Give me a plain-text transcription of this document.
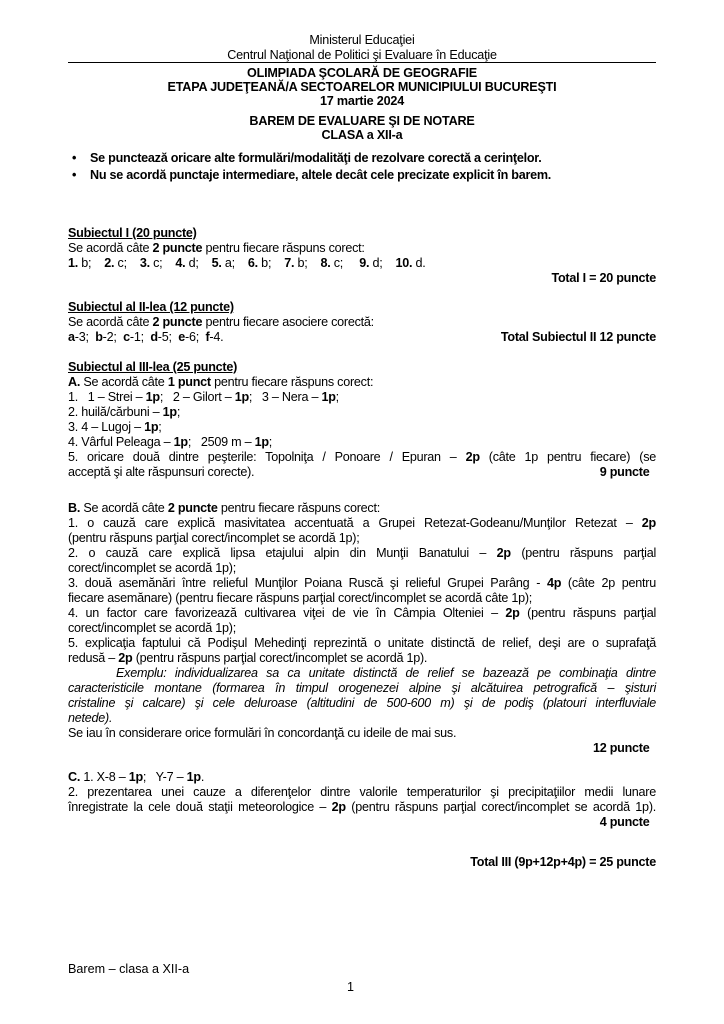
Ministerul Educaţiei
Centrul Naţional de Politici şi Evaluare în Educaţie
OLIMPIADA ŞCOLARĂ DE GEOGRAFIE
ETAPA JUDEŢEANĂ/A SECTOARELOR MUNICIPIULUI BUCUREŞTI
17 martie 2024
BAREM DE EVALUARE ŞI DE NOTARE
CLASA a XII-a
• Se punctează oricare alte formulări/modalităţi de rezolvare corectă a cerinţelor.
• Nu se acordă punctaje intermediare, altele decât cele precizate explicit în barem.
Subiectul I (20 puncte)
Se acordă câte 2 puncte pentru fiecare răspuns corect:
1. b;    2. c;    3. c;    4. d;    5. a;    6. b;    7. b;    8. c;     9. d;    10. d.
Total I = 20 puncte
Subiectul al II-lea (12 puncte)
Se acordă câte 2 puncte pentru fiecare asociere corectă:
a-3;  b-2;  c-1;  d-5;  e-6;  f-4.	Total Subiectul II 12 puncte
Subiectul al III-lea (25 puncte)
A. Se acordă câte 1 punct pentru fiecare răspuns corect:
1.   1 – Strei – 1p;   2 – Gilort – 1p;   3 – Nera – 1p;
2. huilă/cărbuni – 1p;
3. 4 – Lugoj – 1p;
4. Vârful Peleaga – 1p;   2509 m – 1p;
5. oricare două dintre peşterile: Topolniţa / Ponoare / Epuran – 2p (câte 1p pentru fiecare) (se
acceptă şi alte răspunsuri corecte).	9 puncte
B. Se acordă câte 2 puncte pentru fiecare răspuns corect:
1. o cauză care explică masivitatea accentuată a Grupei Retezat-Godeanu/Munţilor Retezat – 2p
(pentru răspuns parţial corect/incomplet se acordă 1p);
2. o cauză care explică lipsa etajului alpin din Munţii Banatului – 2p (pentru răspuns parţial
corect/incomplet se acordă 1p);
3. două asemănări între relieful Munţilor Poiana Ruscă şi relieful Grupei Parâng - 4p (câte 2p pentru
fiecare asemănare) (pentru fiecare răspuns parţial corect/incomplet se acordă câte 1p);
4. un factor care favorizează cultivarea viţei de vie în Câmpia Olteniei – 2p (pentru răspuns parţial
corect/incomplet se acordă 1p);
5. explicaţia faptului că Podişul Mehedinţi reprezintă o unitate distinctă de relief, deşi are o suprafaţă
redusă – 2p (pentru răspuns parţial corect/incomplet se acordă 1p).
Exemplu: individualizarea sa ca unitate distinctă de relief se bazează pe combinaţia dintre
caracteristicile montane (formarea în timpul orogenezei alpine şi alcătuirea petrografică – şisturi
cristaline şi calcare) şi cele deluroase (altitudini de 500-600 m) şi de podiş (platouri interfluviale
netede).
Se iau în considerare orice formulări în concordanţă cu ideile de mai sus.
12 puncte
C. 1. X-8 – 1p;   Y-7 – 1p.
2. prezentarea unei cauze a diferenţelor dintre valorile temperaturilor şi precipitaţiilor medii lunare
înregistrate la cele două staţii meteorologice – 2p (pentru răspuns parţial corect/incomplet se acordă 1p).
4 puncte
Total III (9p+12p+4p) = 25 puncte
Barem – clasa a XII-a
1
